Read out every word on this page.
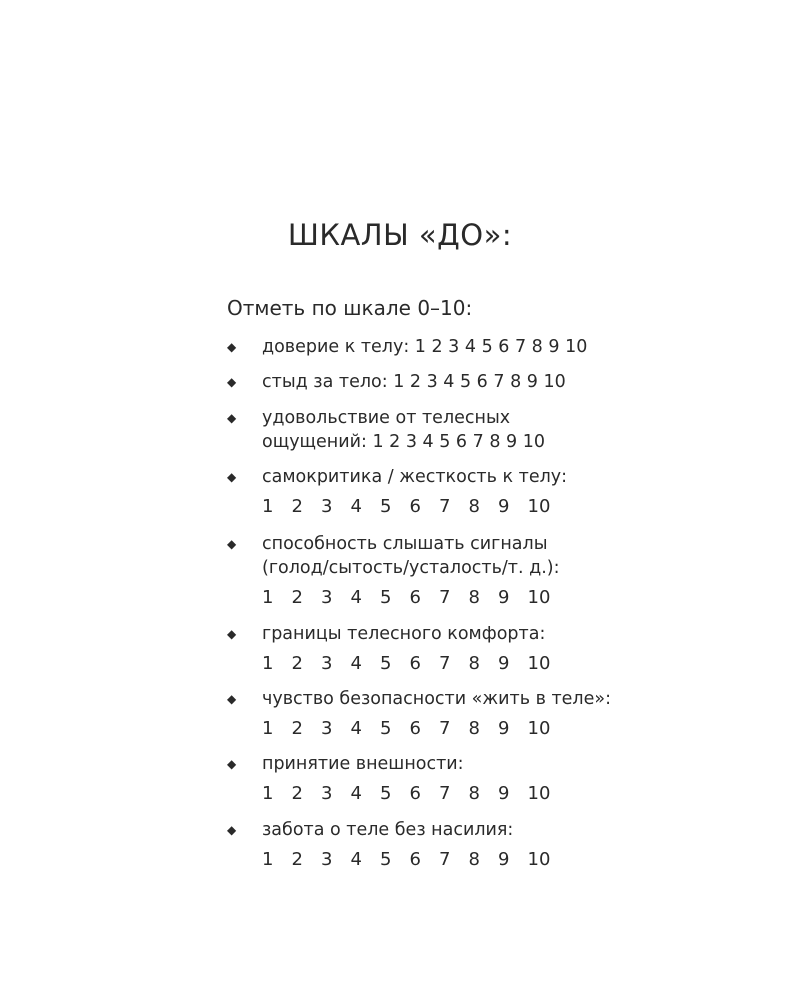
ШКАЛЫ «ДО»:

Отметь по шкале 0–10:

◆ доверие к телу: 1 2 3 4 5 6 7 8 9 10
◆ стыд за тело: 1 2 3 4 5 6 7 8 9 10
◆ удовольствие от телесных
ощущений: 1 2 3 4 5 6 7 8 9 10
◆ самокритика / жесткость к телу:
1	2	3	4	5	6	7	8	9	10
◆ способность слышать сигналы
(голод/сытость/усталость/т. д.):
1	2	3	4	5	6	7	8	9	10
◆ границы телесного комфорта:
1	2	3	4	5	6	7	8	9	10
◆ чувство безопасности «жить в теле»:
1	2	3	4	5	6	7	8	9	10
◆ принятие внешности:
1	2	3	4	5	6	7	8	9	10
◆ забота о теле без насилия:
1	2	3	4	5	6	7	8	9	10
